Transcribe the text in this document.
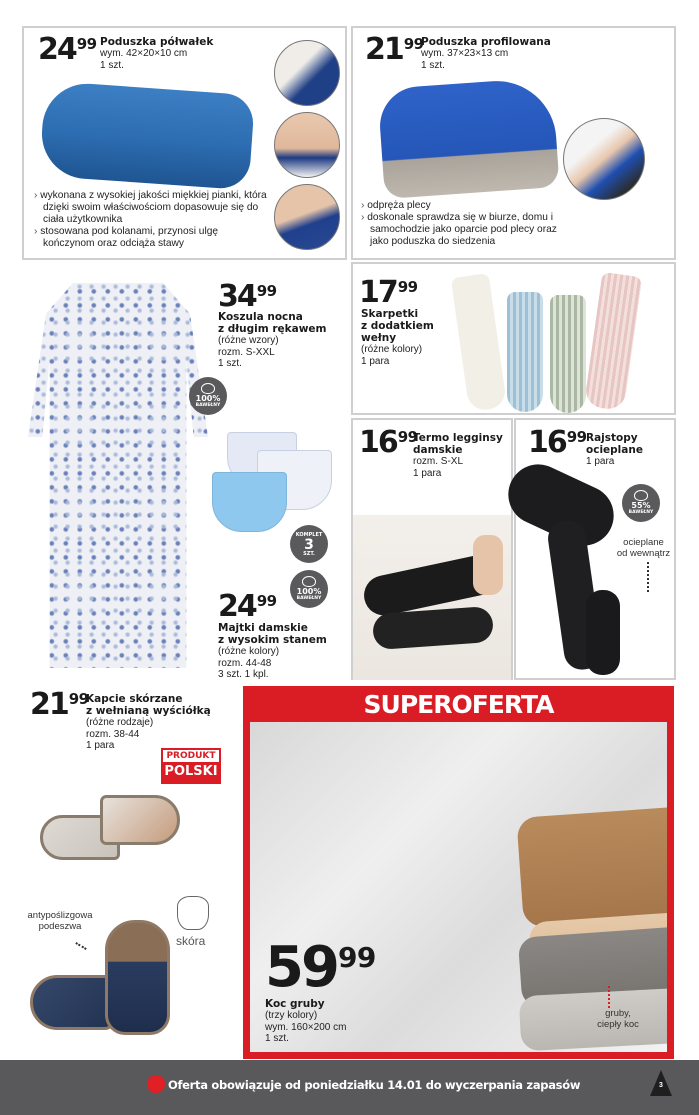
24 99 Poduszka półwałek
wym. 42×20×10 cm
1 szt.
› wykonana z wysokiej jakości miękkiej pianki, która dzięki swoim właściwościom dopasowuje się do ciała użytkownika
› stosowana pod kolanami, przynosi ulgę kończynom oraz odciąża stawy
21 99
Poduszka profilowana
wym. 37×23×13 cm
1 szt.
› odpręża plecy
› doskonale sprawdza się w biurze, domu i samochodzie jako oparcie pod plecy oraz jako poduszka do siedzenia
34 99
Koszula nocna
z długim rękawem
(różne wzory)
rozm. S-XXL
1 szt.
100%
BAWEŁNY
KOMPLET
3
SZT.
100%
BAWEŁNY
24 99
Majtki damskie
z wysokim stanem
(różne kolory)
rozm. 44-48
3 szt. 1 kpl.
17 99
Skarpetki
z dodatkiem
wełny
(różne kolory)
1 para
16 99
Termo legginsy
damskie
rozm. S-XL
1 para
16 99 Rajstopy
ocieplane
1 para
55%
BAWEŁNY
ocieplane
od wewnątrz
21 99
Kapcie skórzane
z wełnianą wyściółką
(różne rodzaje)
rozm. 38-44
1 para
PRODUKT
POLSKI
antypoślizgowa
podeszwa
skóra
SUPEROFERTA
59 99
Koc gruby
(trzy kolory)
wym. 160×200 cm
1 szt.
gruby,
ciepły koc
Oferta obowiązuje od poniedziałku 14.01 do wyczerpania zapasów	3
